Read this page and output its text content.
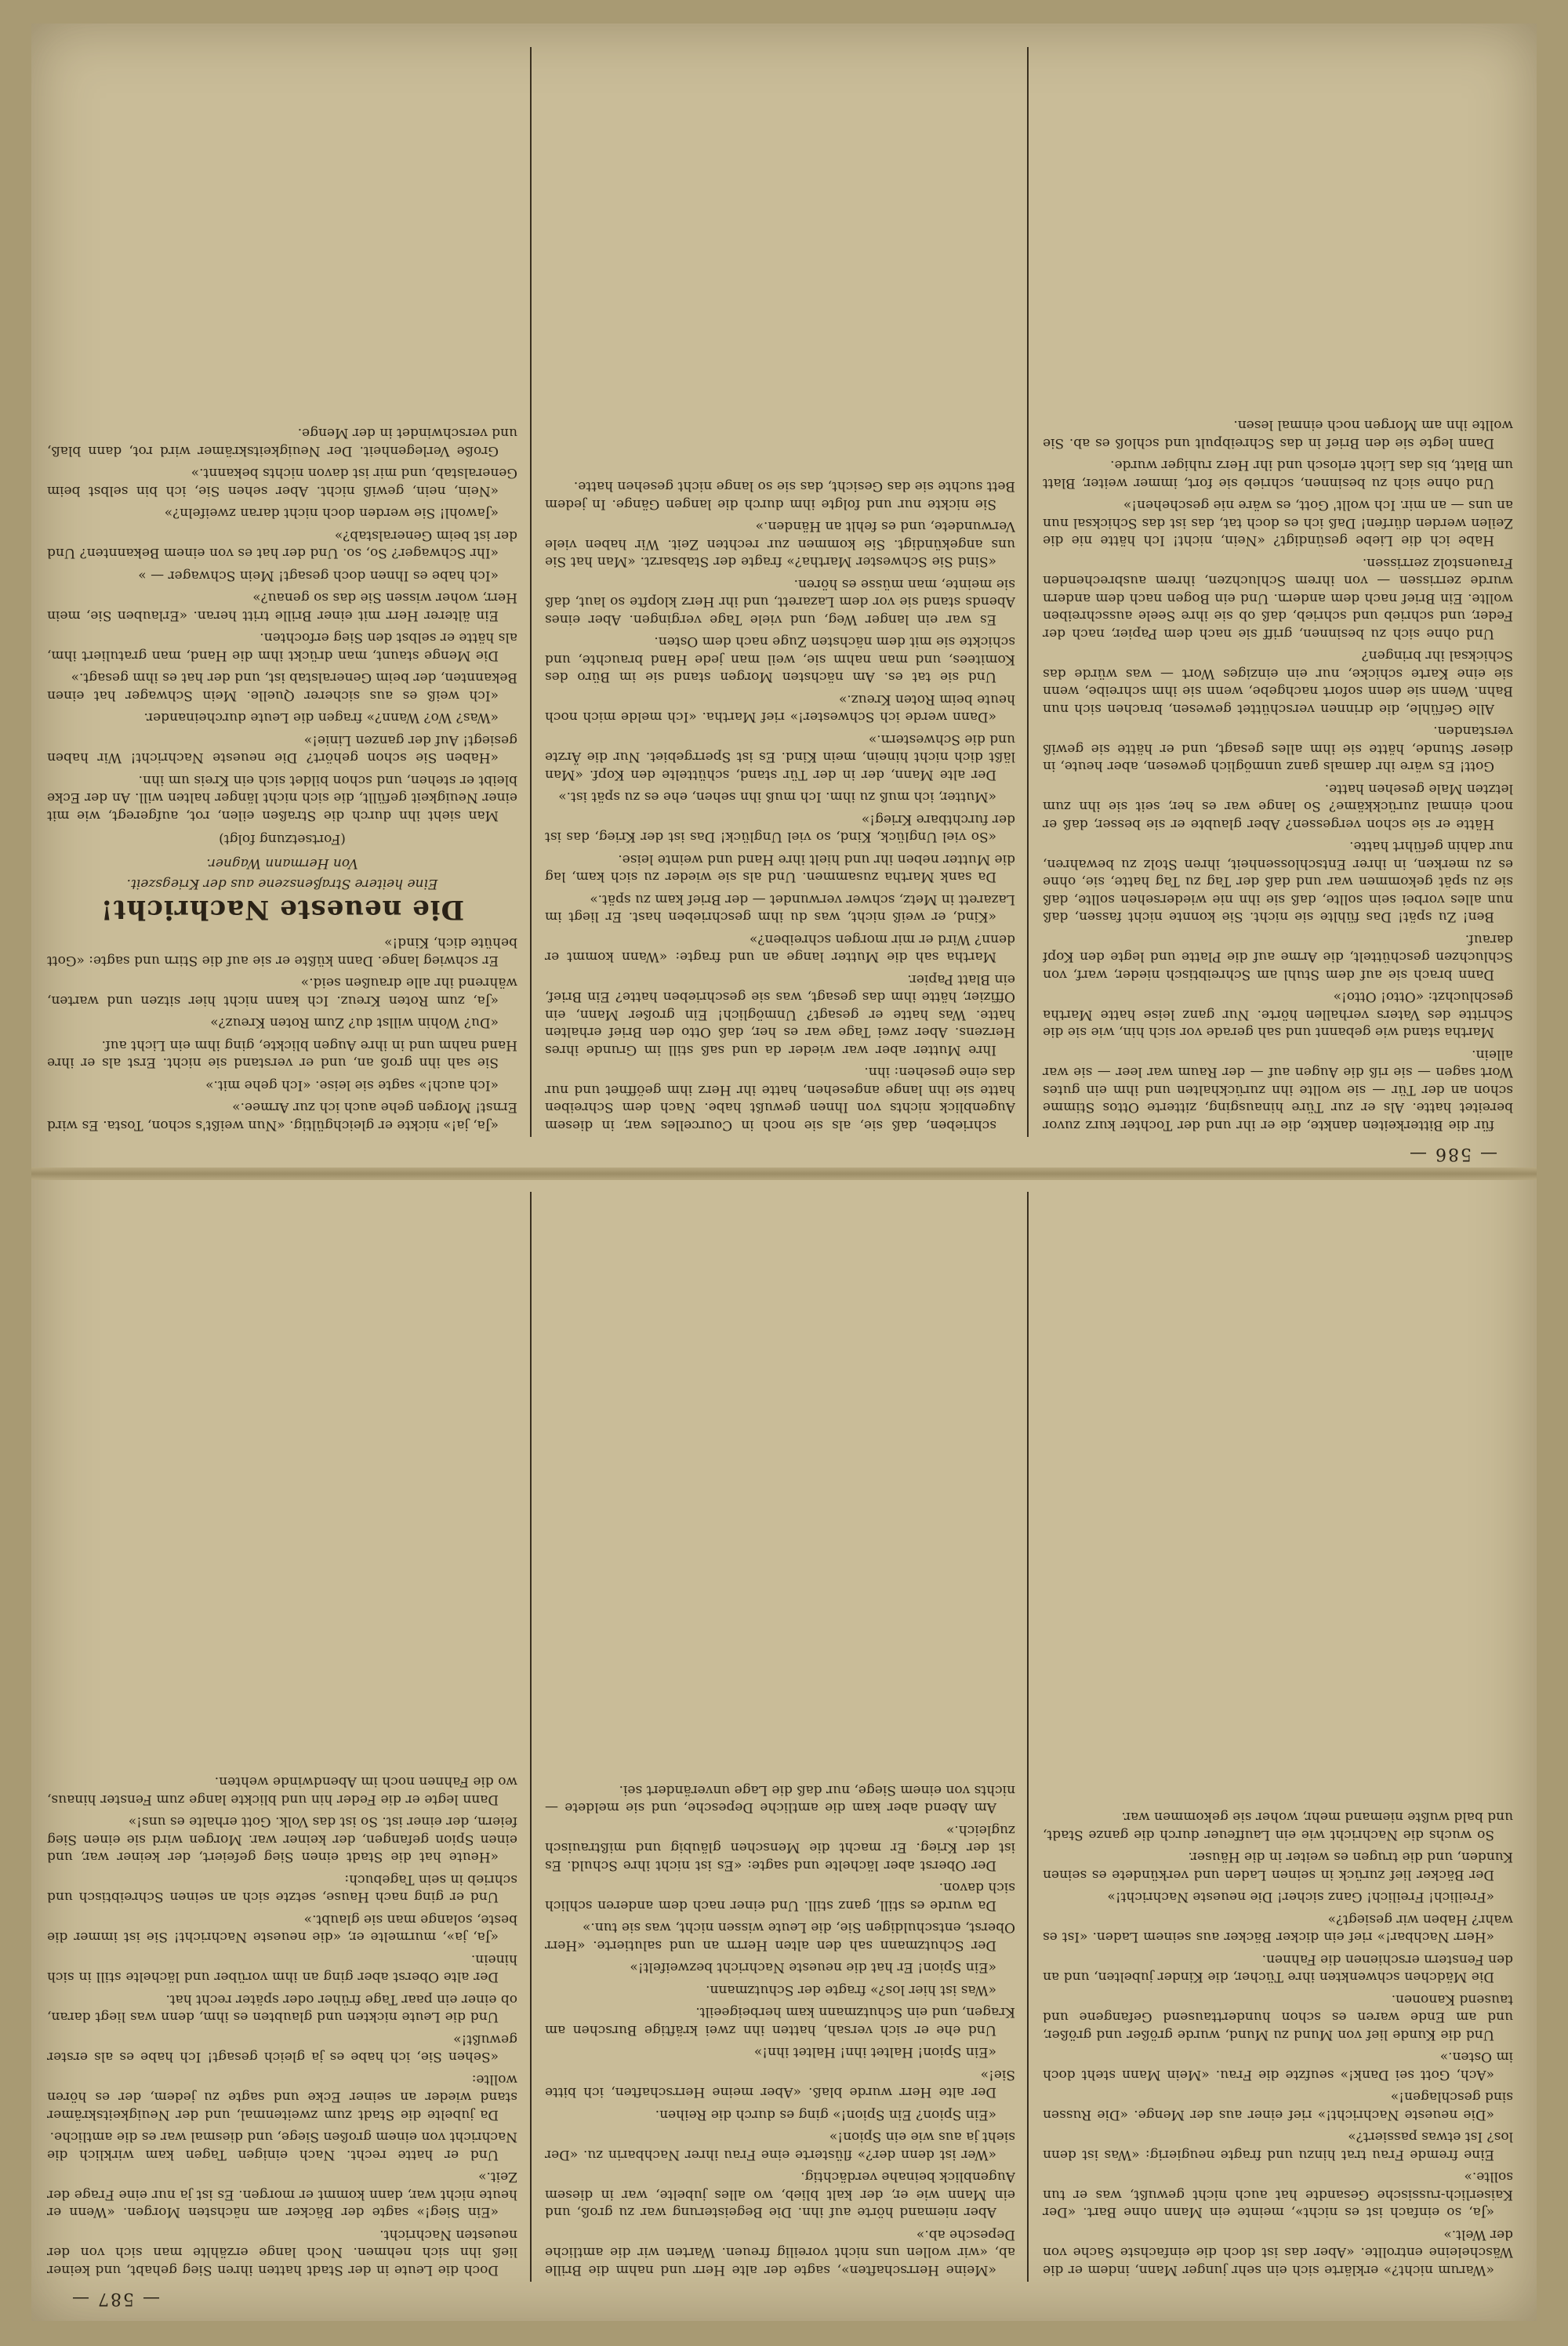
— 587 —

«Warum nicht?» erklärte sich ein sehr junger Mann, indem er die Wäscheleine entrollte. «Aber das ist doch die einfachste Sache von der Welt.»

«Ja, so einfach ist es nicht», meinte ein Mann ohne Bart. «Der Kaiserlich-russische Gesandte hat auch nicht gewußt, was er tun sollte.»

Eine fremde Frau trat hinzu und fragte neugierig: «Was ist denn los? Ist etwas passiert?»

«Die neueste Nachricht!» rief einer aus der Menge. «Die Russen sind geschlagen!»

«Ach, Gott sei Dank!» seufzte die Frau. «Mein Mann steht doch im Osten.»

Und die Kunde lief von Mund zu Mund, wurde größer und größer, und am Ende waren es schon hunderttausend Gefangene und tausend Kanonen.

Die Mädchen schwenkten ihre Tücher, die Kinder jubelten, und an den Fenstern erschienen die Fahnen.

«Herr Nachbar!» rief ein dicker Bäcker aus seinem Laden. «Ist es wahr? Haben wir gesiegt?»

«Freilich! Freilich! Ganz sicher! Die neueste Nachricht!»

Der Bäcker lief zurück in seinen Laden und verkündete es seinen Kunden, und die trugen es weiter in die Häuser.

So wuchs die Nachricht wie ein Lauffeuer durch die ganze Stadt, und bald wußte niemand mehr, woher sie gekommen war.

«Meine Herrschaften», sagte der alte Herr und nahm die Brille ab, «wir wollen uns nicht voreilig freuen. Warten wir die amtliche Depesche ab.»

Aber niemand hörte auf ihn. Die Begeisterung war zu groß, und ein Mann wie er, der kalt blieb, wo alles jubelte, war in diesem Augenblick beinahe verdächtig.

«Wer ist denn der?» flüsterte eine Frau ihrer Nachbarin zu. «Der sieht ja aus wie ein Spion!»

«Ein Spion? Ein Spion!» ging es durch die Reihen.

Der alte Herr wurde blaß. «Aber meine Herrschaften, ich bitte Sie!»

«Ein Spion! Haltet ihn! Haltet ihn!»

Und ehe er sich versah, hatten ihn zwei kräftige Burschen am Kragen, und ein Schutzmann kam herbeigeeilt.

«Was ist hier los?» fragte der Schutzmann.

«Ein Spion! Er hat die neueste Nachricht bezweifelt!»

Der Schutzmann sah den alten Herrn an und salutierte. «Herr Oberst, entschuldigen Sie, die Leute wissen nicht, was sie tun.»

Da wurde es still, ganz still. Und einer nach dem anderen schlich sich davon.

Der Oberst aber lächelte und sagte: «Es ist nicht ihre Schuld. Es ist der Krieg. Er macht die Menschen gläubig und mißtrauisch zugleich.»

Am Abend aber kam die amtliche Depesche, und sie meldete — nichts von einem Siege, nur daß die Lage unverändert sei.

Doch die Leute in der Stadt hatten ihren Sieg gehabt, und keiner ließ ihn sich nehmen. Noch lange erzählte man sich von der neuesten Nachricht.

«Ein Sieg!» sagte der Bäcker am nächsten Morgen. «Wenn er heute nicht war, dann kommt er morgen. Es ist ja nur eine Frage der Zeit.»

Und er hatte recht. Nach einigen Tagen kam wirklich die Nachricht von einem großen Siege, und diesmal war es die amtliche.

Da jubelte die Stadt zum zweitenmal, und der Neuigkeitskrämer stand wieder an seiner Ecke und sagte zu jedem, der es hören wollte:

«Sehen Sie, ich habe es ja gleich gesagt! Ich habe es als erster gewußt!»

Und die Leute nickten und glaubten es ihm, denn was liegt daran, ob einer ein paar Tage früher oder später recht hat.

Der alte Oberst aber ging an ihm vorüber und lächelte still in sich hinein.

«Ja, ja», murmelte er, «die neueste Nachricht! Sie ist immer die beste, solange man sie glaubt.»

Und er ging nach Hause, setzte sich an seinen Schreibtisch und schrieb in sein Tagebuch:

«Heute hat die Stadt einen Sieg gefeiert, der keiner war, und einen Spion gefangen, der keiner war. Morgen wird sie einen Sieg feiern, der einer ist. So ist das Volk. Gott erhalte es uns!»

Dann legte er die Feder hin und blickte lange zum Fenster hinaus, wo die Fahnen noch im Abendwinde wehten.

— 586 —

für die Bitterkeiten dankte, die er ihr und der Tochter kurz zuvor bereitet hatte. Als er zur Türe hinausging, zitterte Ottos Stimme schon an der Tür — sie wollte ihn zurückhalten und ihm ein gutes Wort sagen — sie riß die Augen auf — der Raum war leer — sie war allein.

Martha stand wie gebannt und sah gerade vor sich hin, wie sie die Schritte des Vaters verhallen hörte. Nur ganz leise hatte Martha geschluchzt: «Otto! Otto!»

Dann brach sie auf dem Stuhl am Schreibtisch nieder, warf, von Schluchzen geschüttelt, die Arme auf die Platte und legte den Kopf darauf.

Ben! Zu spät! Das fühlte sie nicht. Sie konnte nicht fassen, daß nun alles vorbei sein sollte, daß sie ihn nie wiedersehen sollte, daß sie zu spät gekommen war und daß der Tag zu Tag hatte, sie, ohne es zu merken, in ihrer Entschlossenheit, ihren Stolz zu bewahren, nur dahin geführt hatte.

Hätte er sie schon vergessen? Aber glaubte er sie besser, daß er noch einmal zurückkäme? So lange war es her, seit sie ihn zum letzten Male gesehen hatte.

Gott! Es wäre ihr damals ganz unmöglich gewesen, aber heute, in dieser Stunde, hätte sie ihm alles gesagt, und er hätte sie gewiß verstanden.

Alle Gefühle, die drinnen verschüttet gewesen, brachen sich nun Bahn. Wenn sie denn sofort nachgebe, wenn sie ihm schreibe, wenn sie eine Karte schicke, nur ein einziges Wort — was würde das Schicksal ihr bringen?

Und ohne sich zu besinnen, griff sie nach dem Papier, nach der Feder, und schrieb und schrieb, daß ob sie ihre Seele ausschreiben wollte. Ein Brief nach dem andern. Und ein Bogen nach dem andern wurde zerrissen — von ihrem Schluchzen, ihrem ausbrechenden Frauenstolz zerrissen.

Habe ich die Liebe gesündigt? «Nein, nicht! Ich hätte nie die Zeilen werden dürfen! Daß ich es doch tat, das ist das Schicksal nun an uns — an mir. Ich wollt' Gott, es wäre nie geschehen!»

Und ohne sich zu besinnen, schrieb sie fort, immer weiter, Blatt um Blatt, bis das Licht erlosch und ihr Herz ruhiger wurde.

Dann legte sie den Brief in das Schreibpult und schloß es ab. Sie wollte ihn am Morgen noch einmal lesen.

schrieben, daß sie, als sie noch in Courcelles war, in diesem Augenblick nichts von Ihnen gewußt habe. Nach dem Schreiben hatte sie ihn lange angesehen, hatte ihr Herz ihm geöffnet und nur das eine gesehen: ihn.

Ihre Mutter aber war wieder da und saß still im Grunde ihres Herzens. Aber zwei Tage war es her, daß Otto den Brief erhalten hatte. Was hatte er gesagt? Unmöglich! Ein großer Mann, ein Offizier, hätte ihm das gesagt, was sie geschrieben hatte? Ein Brief, ein Blatt Papier.

Martha sah die Mutter lange an und fragte: «Wann kommt er denn? Wird er mir morgen schreiben?»

«Kind, er weiß nicht, was du ihm geschrieben hast. Er liegt im Lazarett in Metz, schwer verwundet — der Brief kam zu spät.»

Da sank Martha zusammen. Und als sie wieder zu sich kam, lag die Mutter neben ihr und hielt ihre Hand und weinte leise.

«So viel Unglück, Kind, so viel Unglück! Das ist der Krieg, das ist der furchtbare Krieg!»

«Mutter, ich muß zu ihm. Ich muß ihn sehen, ehe es zu spät ist.»

Der alte Mann, der in der Tür stand, schüttelte den Kopf. «Man läßt dich nicht hinein, mein Kind. Es ist Sperrgebiet. Nur die Ärzte und die Schwestern.»

«Dann werde ich Schwester!» rief Martha. «Ich melde mich noch heute beim Roten Kreuz.»

Und sie tat es. Am nächsten Morgen stand sie im Büro des Komitees, und man nahm sie, weil man jede Hand brauchte, und schickte sie mit dem nächsten Zuge nach dem Osten.

Es war ein langer Weg, und viele Tage vergingen. Aber eines Abends stand sie vor dem Lazarett, und ihr Herz klopfte so laut, daß sie meinte, man müsse es hören.

«Sind Sie Schwester Martha?» fragte der Stabsarzt. «Man hat Sie uns angekündigt. Sie kommen zur rechten Zeit. Wir haben viele Verwundete, und es fehlt an Händen.»

Sie nickte nur und folgte ihm durch die langen Gänge. In jedem Bett suchte sie das Gesicht, das sie so lange nicht gesehen hatte.

«Ja, ja!» nickte er gleichgültig. «Nun weißt's schon, Tosta. Es wird Ernst! Morgen gehe auch ich zur Armee.»

«Ich auch!» sagte sie leise. «Ich gehe mit.»

Sie sah ihn groß an, und er verstand sie nicht. Erst als er ihre Hand nahm und in ihre Augen blickte, ging ihm ein Licht auf.

«Du? Wohin willst du? Zum Roten Kreuz?»

«Ja, zum Roten Kreuz. Ich kann nicht hier sitzen und warten, während ihr alle draußen seid.»

Er schwieg lange. Dann küßte er sie auf die Stirn und sagte: «Gott behüte dich, Kind!»

Die neueste Nachricht!

Eine heitere Straßenszene aus der Kriegszeit.

Von Hermann Wagner.

(Fortsetzung folgt)

Man sieht ihn durch die Straßen eilen, rot, aufgeregt, wie mit einer Neuigkeit gefüllt, die sich nicht länger halten will. An der Ecke bleibt er stehen, und schon bildet sich ein Kreis um ihn.

«Haben Sie schon gehört? Die neueste Nachricht! Wir haben gesiegt! Auf der ganzen Linie!»

«Was? Wo? Wann?» fragen die Leute durcheinander.

«Ich weiß es aus sicherer Quelle. Mein Schwager hat einen Bekannten, der beim Generalstab ist, und der hat es ihm gesagt.»

Die Menge staunt, man drückt ihm die Hand, man gratuliert ihm, als hätte er selbst den Sieg erfochten.

Ein älterer Herr mit einer Brille tritt heran. «Erlauben Sie, mein Herr, woher wissen Sie das so genau?»

«Ich habe es Ihnen doch gesagt! Mein Schwager — »

«Ihr Schwager? So, so. Und der hat es von einem Bekannten? Und der ist beim Generalstab?»

«Jawohl! Sie werden doch nicht daran zweifeln?»

«Nein, nein, gewiß nicht. Aber sehen Sie, ich bin selbst beim Generalstab, und mir ist davon nichts bekannt.»

Große Verlegenheit. Der Neuigkeitskrämer wird rot, dann blaß, und verschwindet in der Menge.
